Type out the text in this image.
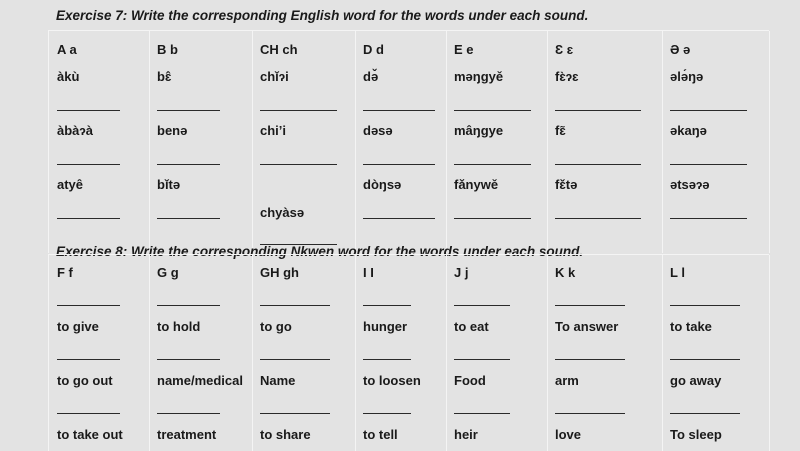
Exercise 7: Write the corresponding English word for the words under each sound.
A a
àkù
àbàɂà
atyê
B b
bɛ̂
benə
bǐtə
CH ch
chǐɂi
chi’i
chyàsə
D d
də̌
dəsə
dòŋsə
E e
məŋgyě
mâŋgye
fǎnywě
Ɛ ɛ
fɛ̀ɂɛ
fɛ̃
fɛ̌tə
Ə ə
ələ́ŋə
əkaŋə
ətsəɂə
Exercise 8: Write the corresponding Nkwen word for the words under each sound.
F f
to give
to go out
to take out
G g
to hold
name/medical
treatment
GH gh
to go
Name
to share
I I
hunger
to loosen
to tell
J j
to eat
Food
heir
K k
To answer
arm
love
L l
to take
go away
To sleep
